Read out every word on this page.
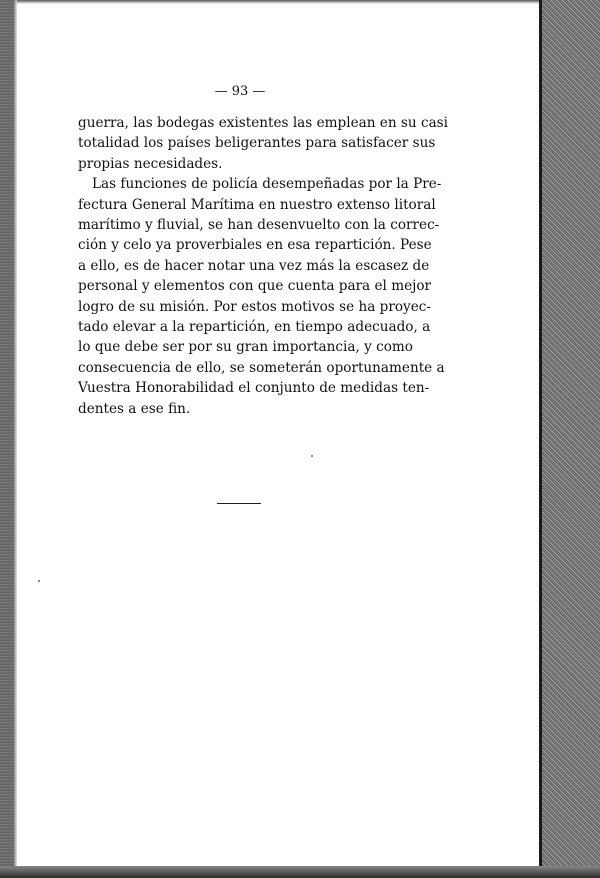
— 93 —

guerra, las bodegas existentes las emplean en su casi
totalidad los países beligerantes para satisfacer sus
propias necesidades.

Las funciones de policía desempeñadas por la Pre-
fectura General Marítima en nuestro extenso litoral
marítimo y fluvial, se han desenvuelto con la correc-
ción y celo ya proverbiales en esa repartición. Pese
a ello, es de hacer notar una vez más la escasez de
personal y elementos con que cuenta para el mejor
logro de su misión. Por estos motivos se ha proyec-
tado elevar a la repartición, en tiempo adecuado, a
lo que debe ser por su gran importancia, y como
consecuencia de ello, se someterán oportunamente a
Vuestra Honorabilidad el conjunto de medidas ten-
dentes a ese fin.
